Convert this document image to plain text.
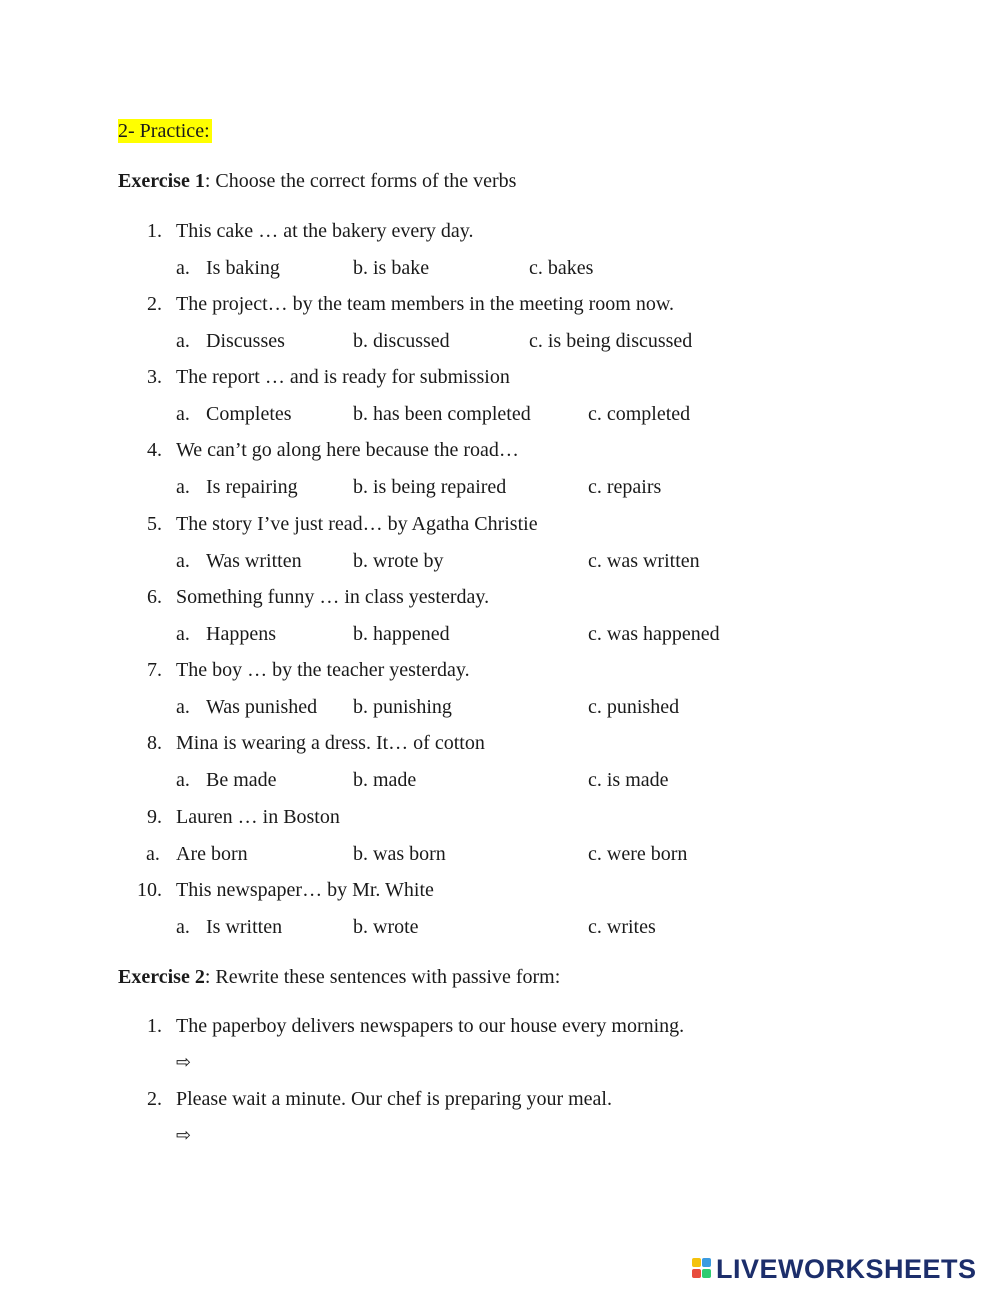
2- Practice:
Exercise 1: Choose the correct forms of the verbs
1. This cake … at the bakery every day.
a. Is baking	b. is bake	c. bakes
2. The project… by the team members in the meeting room now.
a. Discusses	b. discussed	c. is being discussed
3. The report … and is ready for submission
a. Completes	b. has been completed	c. completed
4. We can’t go along here because the road…
a. Is repairing	b. is being repaired	c. repairs
5. The story I’ve just read… by Agatha Christie
a. Was written	b. wrote by	c. was written
6. Something funny … in class yesterday.
a. Happens	b. happened	c. was happened
7. The boy … by the teacher yesterday.
a. Was punished b. punishing	c. punished
8. Mina is wearing a dress. It… of cotton
a. Be made	b. made	c. is made
9. Lauren … in Boston
a. Are born	b. was born	c. were born
10. This newspaper… by Mr. White
a. Is written	b. wrote	c. writes
Exercise 2: Rewrite these sentences with passive form:
1. The paperboy delivers newspapers to our house every morning.
⇨
2. Please wait a minute. Our chef is preparing your meal.
⇨
LIVEWORKSHEETS
